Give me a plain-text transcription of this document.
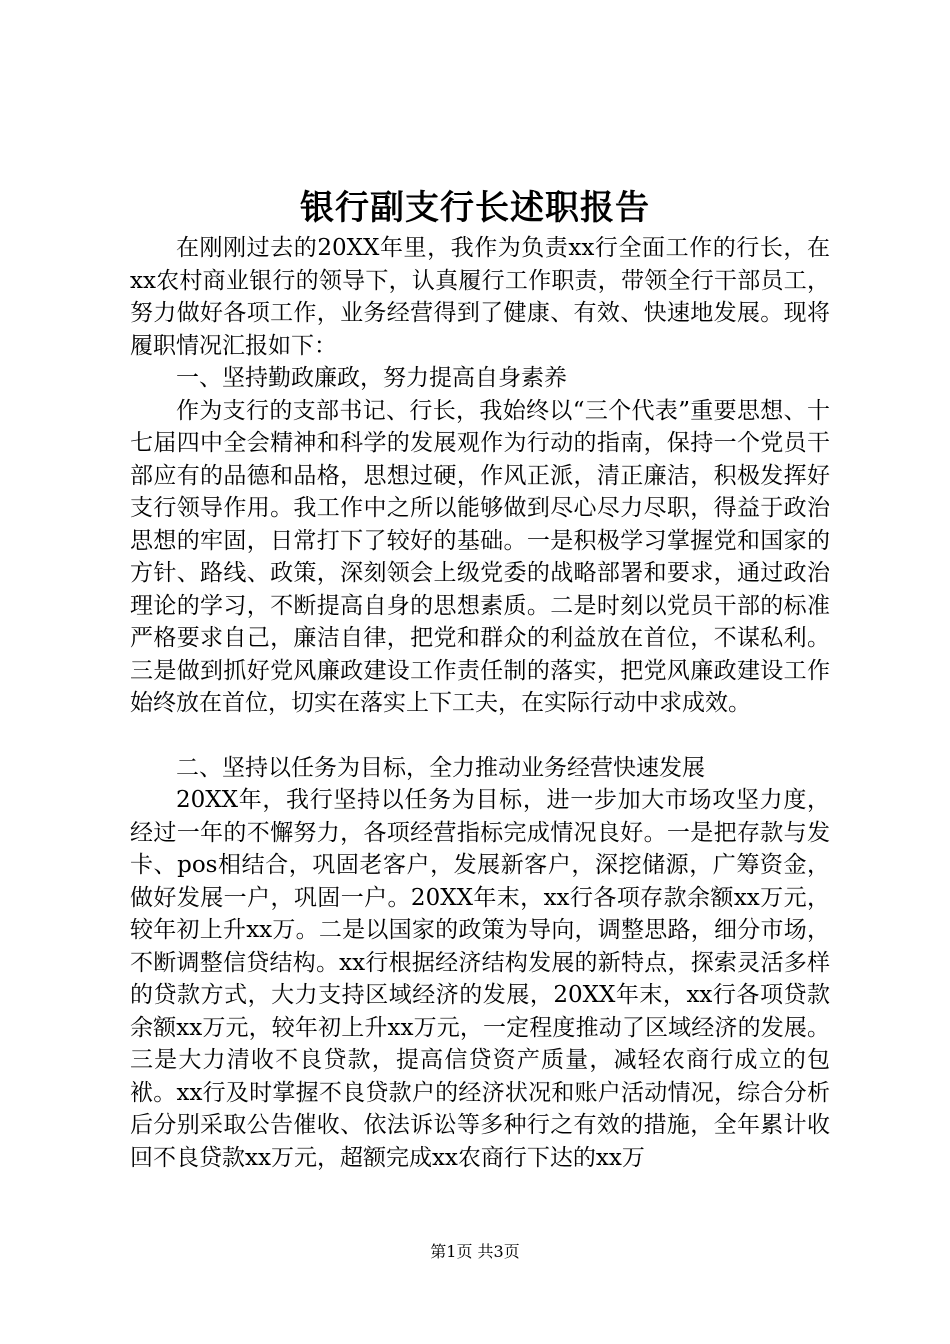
银行副支行长述职报告

在刚刚过去的20XX年里，我作为负责xx行全面工作的行长，在xx农村商业银行的领导下，认真履行工作职责，带领全行干部员工，努力做好各项工作，业务经营得到了健康、有效、快速地发展。现将履职情况汇报如下：

一、坚持勤政廉政，努力提高自身素养

作为支行的支部书记、行长，我始终以“三个代表”重要思想、十七届四中全会精神和科学的发展观作为行动的指南，保持一个党员干部应有的品德和品格，思想过硬，作风正派，清正廉洁，积极发挥好支行领导作用。我工作中之所以能够做到尽心尽力尽职，得益于政治思想的牢固，日常打下了较好的基础。一是积极学习掌握党和国家的方针、路线、政策，深刻领会上级党委的战略部署和要求，通过政治理论的学习，不断提高自身的思想素质。二是时刻以党员干部的标准严格要求自己，廉洁自律，把党和群众的利益放在首位，不谋私利。三是做到抓好党风廉政建设工作责任制的落实，把党风廉政建设工作始终放在首位，切实在落实上下工夫，在实际行动中求成效。

二、坚持以任务为目标，全力推动业务经营快速发展

20XX年，我行坚持以任务为目标，进一步加大市场攻坚力度，经过一年的不懈努力，各项经营指标完成情况良好。一是把存款与发卡、pos相结合，巩固老客户，发展新客户，深挖储源，广筹资金，做好发展一户，巩固一户。20XX年末，xx行各项存款余额xx万元，较年初上升xx万。二是以国家的政策为导向，调整思路，细分市场，不断调整信贷结构。xx行根据经济结构发展的新特点，探索灵活多样的贷款方式，大力支持区域经济的发展，20XX年末，xx行各项贷款余额xx万元，较年初上升xx万元，一定程度推动了区域经济的发展。三是大力清收不良贷款，提高信贷资产质量，减轻农商行成立的包袱。xx行及时掌握不良贷款户的经济状况和账户活动情况，综合分析后分别采取公告催收、依法诉讼等多种行之有效的措施，全年累计收回不良贷款xx万元，超额完成xx农商行下达的xx万

第1页 共3页
